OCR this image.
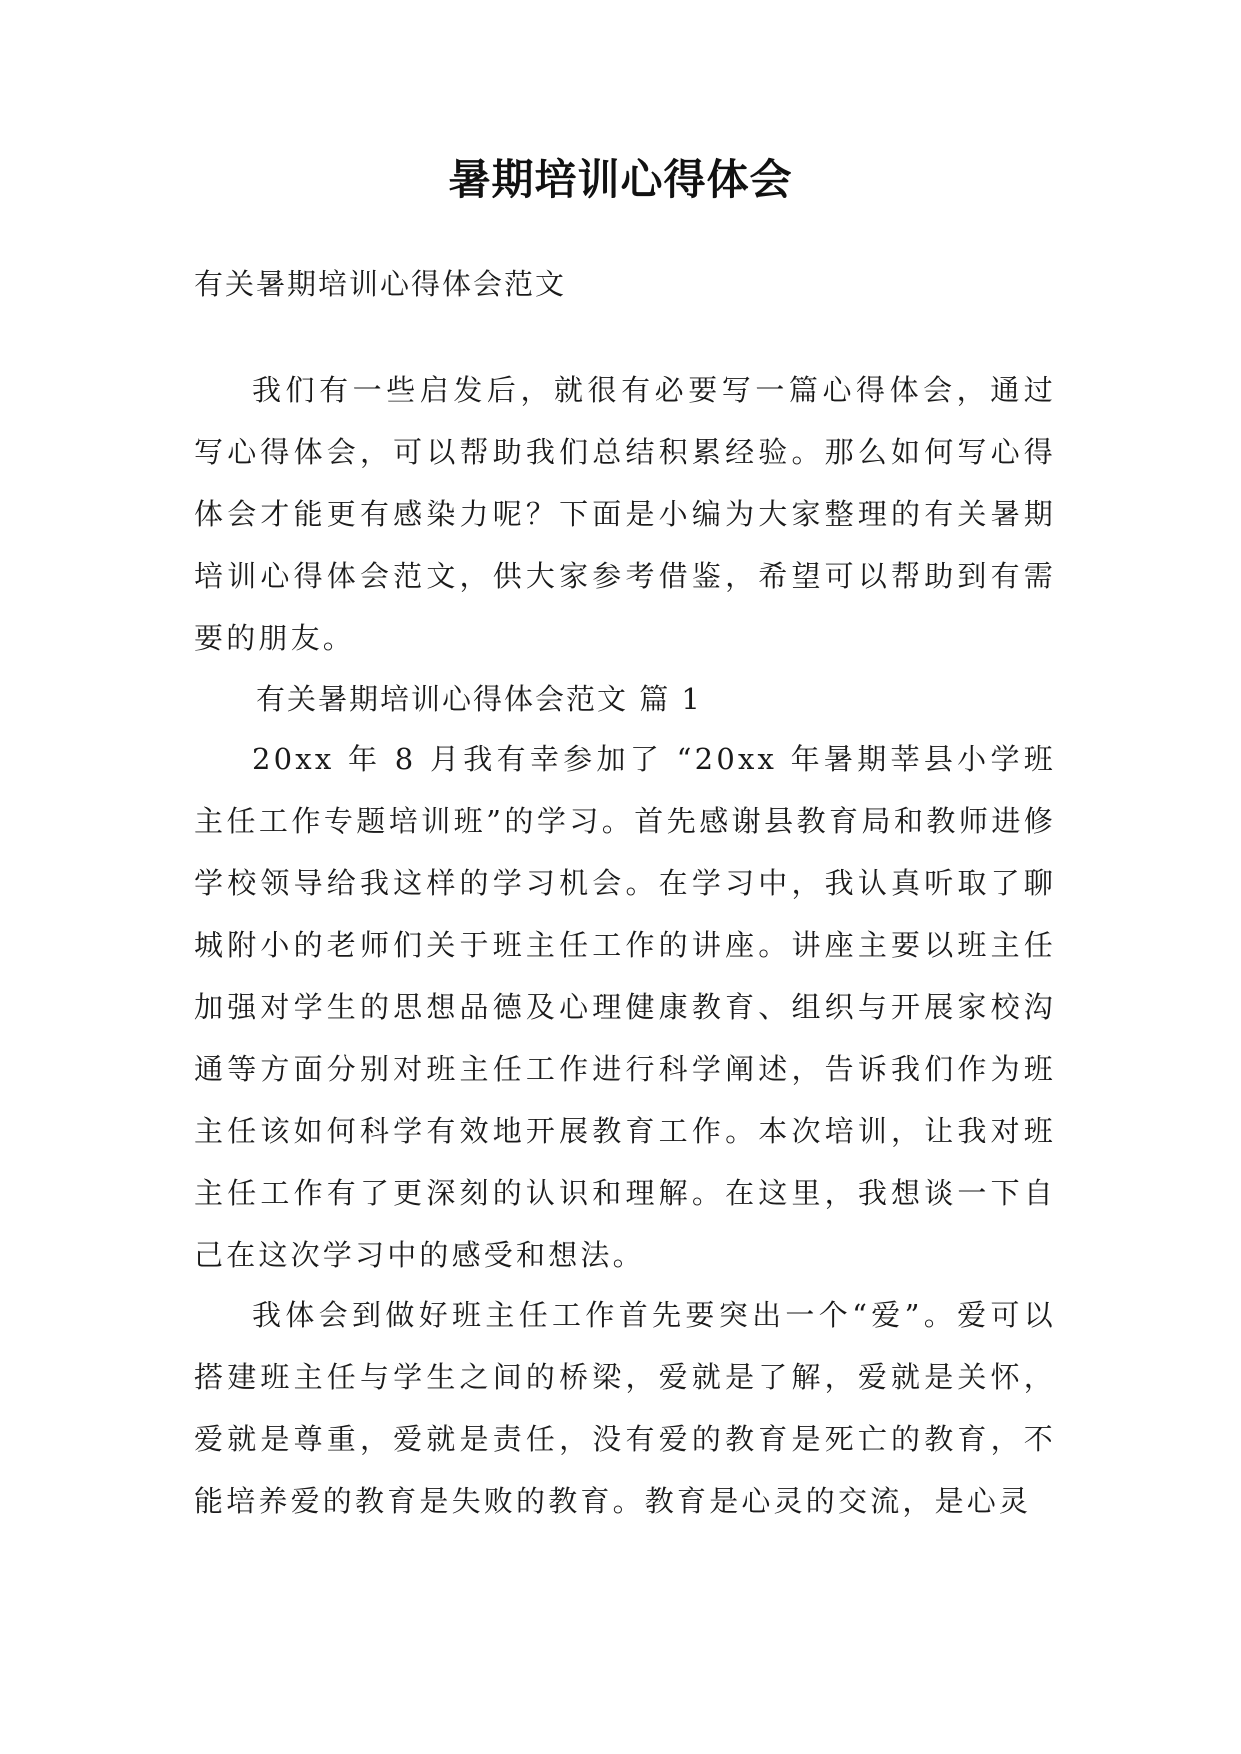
暑期培训心得体会
有关暑期培训心得体会范文

我们有一些启发后，就很有必要写一篇心得体会，通过写心得体会，可以帮助我们总结积累经验。那么如何写心得体会才能更有感染力呢？下面是小编为大家整理的有关暑期培训心得体会范文，供大家参考借鉴，希望可以帮助到有需要的朋友。

有关暑期培训心得体会范文 篇 1

20xx 年 8 月我有幸参加了 “20xx 年暑期莘县小学班主任工作专题培训班”的学习。首先感谢县教育局和教师进修学校领导给我这样的学习机会。在学习中，我认真听取了聊城附小的老师们关于班主任工作的讲座。讲座主要以班主任加强对学生的思想品德及心理健康教育、组织与开展家校沟通等方面分别对班主任工作进行科学阐述，告诉我们作为班主任该如何科学有效地开展教育工作。本次培训，让我对班主任工作有了更深刻的认识和理解。在这里，我想谈一下自己在这次学习中的感受和想法。

我体会到做好班主任工作首先要突出一个“爱”。爱可以搭建班主任与学生之间的桥梁，爱就是了解，爱就是关怀，爱就是尊重，爱就是责任，没有爱的教育是死亡的教育，不能培养爱的教育是失败的教育。教育是心灵的交流，是心灵
